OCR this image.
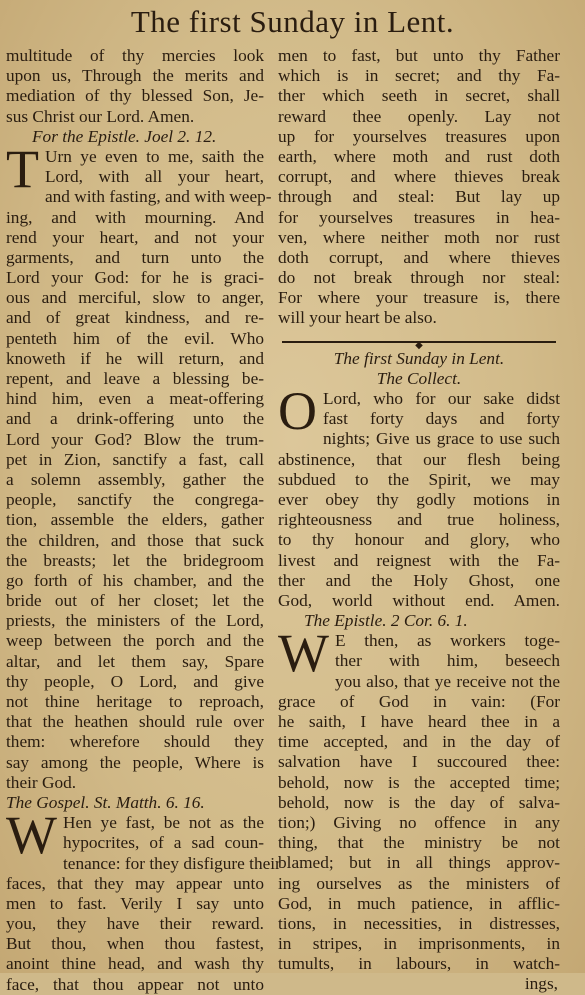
The first Sunday in Lent.
multitude of thy mercies look
upon us, Through the merits and
mediation of thy blessed Son, Je-
sus Christ our Lord. Amen.
For the Epistle. Joel 2. 12.
T Urn ye even to me, saith the
Lord, with all your heart,
and with fasting, and with weep-
ing, and with mourning. And
rend your heart, and not your
garments, and turn unto the
Lord your God: for he is graci-
ous and merciful, slow to anger,
and of great kindness, and re-
penteth him of the evil. Who
knoweth if he will return, and
repent, and leave a blessing be-
hind him, even a meat-offering
and a drink-offering unto the
Lord your God? Blow the trum-
pet in Zion, sanctify a fast, call
a solemn assembly, gather the
people, sanctify the congrega-
tion, assemble the elders, gather
the children, and those that suck
the breasts; let the bridegroom
go forth of his chamber, and the
bride out of her closet; let the
priests, the ministers of the Lord,
weep between the porch and the
altar, and let them say, Spare
thy people, O Lord, and give
not thine heritage to reproach,
that the heathen should rule over
them: wherefore should they
say among the people, Where is
their God.
The Gospel. St. Matth. 6. 16.
W Hen ye fast, be not as the
hypocrites, of a sad coun-
tenance: for they disfigure their
faces, that they may appear unto
men to fast. Verily I say unto
you, they have their reward.
But thou, when thou fastest,
anoint thine head, and wash thy
face, that thou appear not unto
men to fast, but unto thy Father
which is in secret; and thy Fa-
ther which seeth in secret, shall
reward thee openly. Lay not
up for yourselves treasures upon
earth, where moth and rust doth
corrupt, and where thieves break
through and steal: But lay up
for yourselves treasures in hea-
ven, where neither moth nor rust
doth corrupt, and where thieves
do not break through nor steal:
For where your treasure is, there
will your heart be also.
◆
The first Sunday in Lent.
The Collect.
O Lord, who for our sake didst
fast forty days and forty
nights; Give us grace to use such
abstinence, that our flesh being
subdued to the Spirit, we may
ever obey thy godly motions in
righteousness and true holiness,
to thy honour and glory, who
livest and reignest with the Fa-
ther and the Holy Ghost, one
God, world without end. Amen.
The Epistle. 2 Cor. 6. 1.
W E then, as workers toge-
ther with him, beseech
you also, that ye receive not the
grace of God in vain: (For
he saith, I have heard thee in a
time accepted, and in the day of
salvation have I succoured thee:
behold, now is the accepted time;
behold, now is the day of salva-
tion;) Giving no offence in any
thing, that the ministry be not
blamed; but in all things approv-
ing ourselves as the ministers of
God, in much patience, in afflic-
tions, in necessities, in distresses,
in stripes, in imprisonments, in
tumults, in labours, in watch-
ings,
